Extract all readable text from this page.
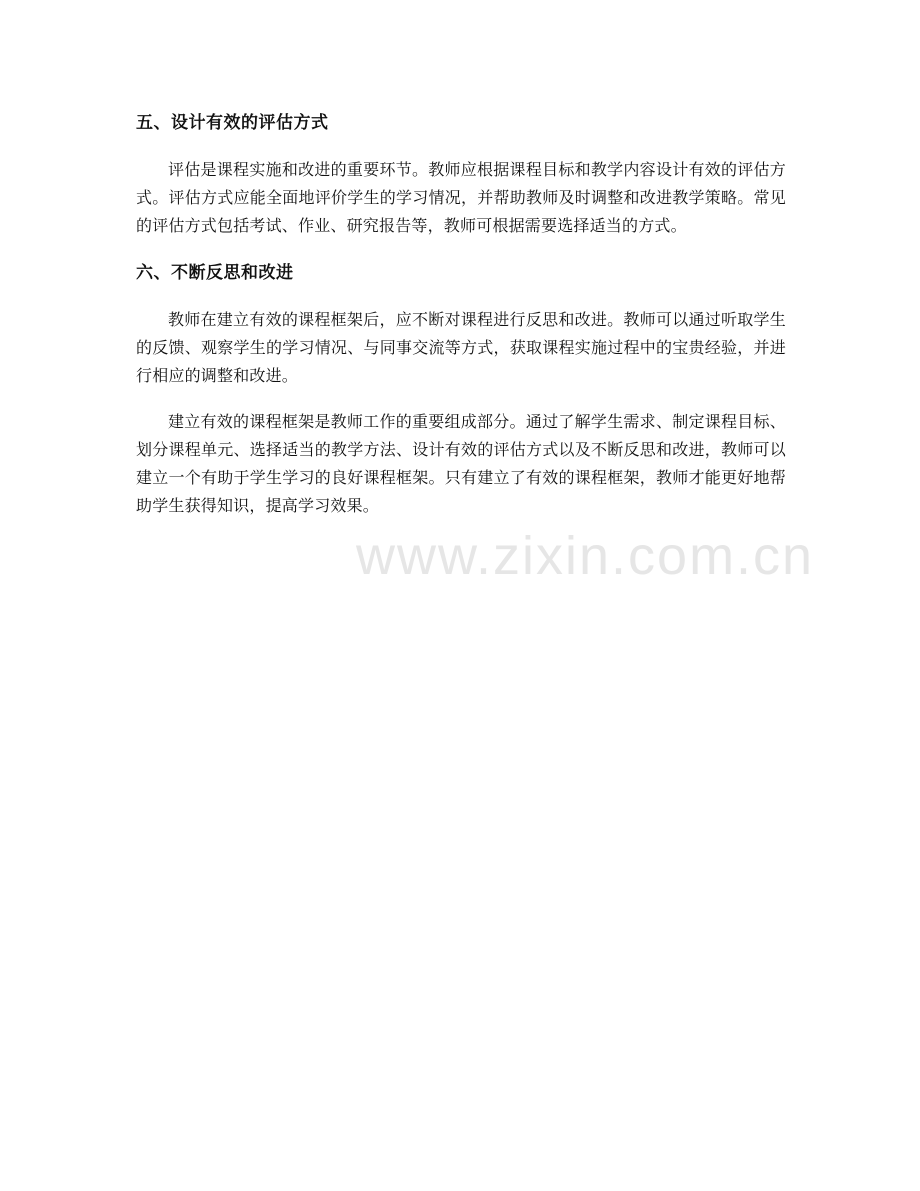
www.zixin.com.cn
五、设计有效的评估方式

评估是课程实施和改进的重要环节。教师应根据课程目标和教学内容设计有效的评估方式。评估方式应能全面地评价学生的学习情况，并帮助教师及时调整和改进教学策略。常见的评估方式包括考试、作业、研究报告等，教师可根据需要选择适当的方式。

六、不断反思和改进

教师在建立有效的课程框架后，应不断对课程进行反思和改进。教师可以通过听取学生的反馈、观察学生的学习情况、与同事交流等方式，获取课程实施过程中的宝贵经验，并进行相应的调整和改进。

建立有效的课程框架是教师工作的重要组成部分。通过了解学生需求、制定课程目标、划分课程单元、选择适当的教学方法、设计有效的评估方式以及不断反思和改进，教师可以建立一个有助于学生学习的良好课程框架。只有建立了有效的课程框架，教师才能更好地帮助学生获得知识，提高学习效果。
